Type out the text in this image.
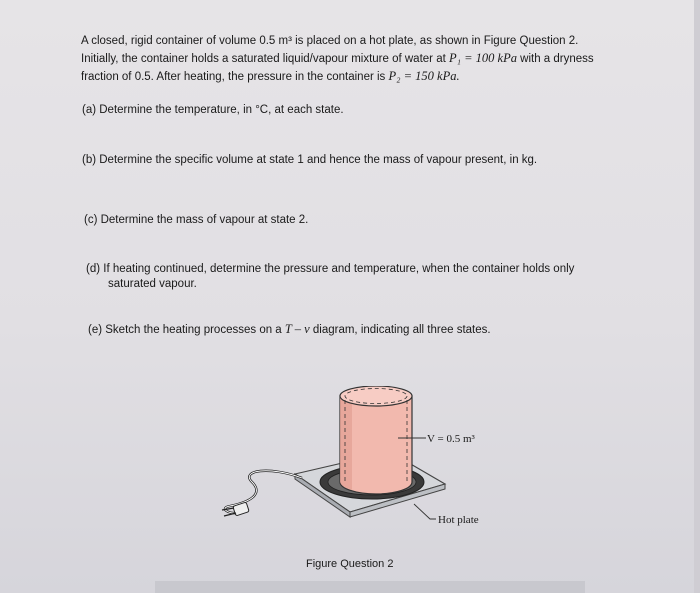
A closed, rigid container of volume 0.5 m³ is placed on a hot plate, as shown in Figure Question 2.
Initially, the container holds a saturated liquid/vapour mixture of water at P₁ = 100 kPa with a dryness
fraction of 0.5. After heating, the pressure in the container is P₂ = 150 kPa.
(a) Determine the temperature, in °C, at each state.
(b) Determine the specific volume at state 1 and hence the mass of vapour present, in kg.
(c) Determine the mass of vapour at state 2.
(d) If heating continued, determine the pressure and temperature, when the container holds only
saturated vapour.
(e) Sketch the heating processes on a T – v diagram, indicating all three states.
V = 0.5 m³
Hot plate
Figure Question 2
